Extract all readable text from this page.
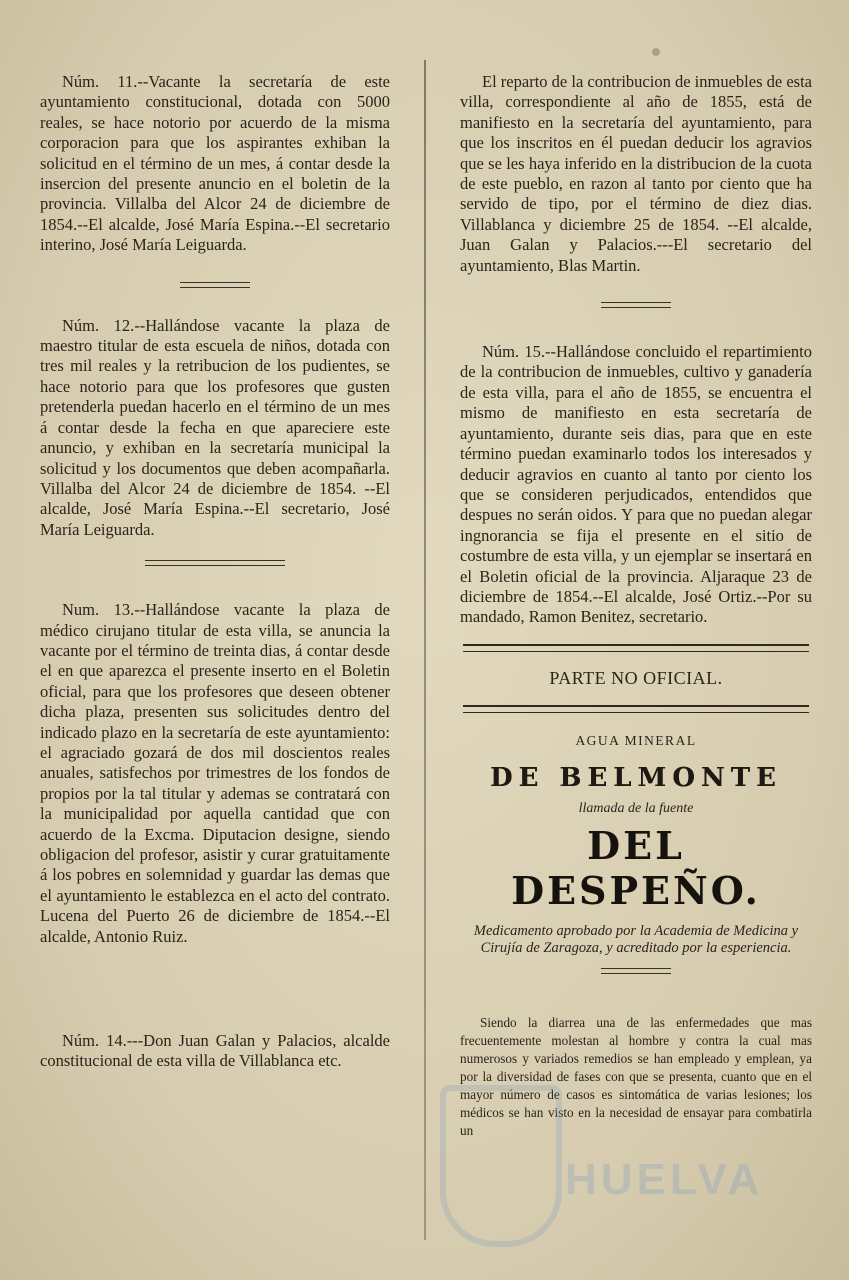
Núm. 11.--Vacante la secretaría de este ayuntamiento constitucional, dotada con 5000 reales, se hace notorio por acuerdo de la misma corporacion para que los aspirantes exhiban la solicitud en el término de un mes, á contar desde la insercion del presente anuncio en el boletin de la provincia. Villalba del Alcor 24 de diciembre de 1854.--El alcalde, José María Espina.--El secretario interino, José María Leiguarda.

Núm. 12.--Hallándose vacante la plaza de maestro titular de esta escuela de niños, dotada con tres mil reales y la retribucion de los pudientes, se hace notorio para que los profesores que gusten pretenderla puedan hacerlo en el término de un mes á contar desde la fecha en que apareciere este anuncio, y exhiban en la secretaría municipal la solicitud y los documentos que deben acompañarla. Villalba del Alcor 24 de diciembre de 1854. --El alcalde, José María Espina.--El secretario, José María Leiguarda.

Num. 13.--Hallándose vacante la plaza de médico cirujano titular de esta villa, se anuncia la vacante por el término de treinta dias, á contar desde el en que aparezca el presente inserto en el Boletin oficial, para que los profesores que deseen obtener dicha plaza, presenten sus solicitudes dentro del indicado plazo en la secretaría de este ayuntamiento: el agraciado gozará de dos mil doscientos reales anuales, satisfechos por trimestres de los fondos de propios por la tal titular y ademas se contratará con la municipalidad por aquella cantidad que con acuerdo de la Excma. Diputacion designe, siendo obligacion del profesor, asistir y curar gratuitamente á los pobres en solemnidad y guardar las demas que el ayuntamiento le establezca en el acto del contrato. Lucena del Puerto 26 de diciembre de 1854.--El alcalde, Antonio Ruiz.

Núm. 14.---Don Juan Galan y Palacios, alcalde constitucional de esta villa de Villablanca etc.

El reparto de la contribucion de inmuebles de esta villa, correspondiente al año de 1855, está de manifiesto en la secretaría del ayuntamiento, para que los inscritos en él puedan deducir los agravios que se les haya inferido en la distribucion de la cuota de este pueblo, en razon al tanto por ciento que ha servido de tipo, por el término de diez dias. Villablanca y diciembre 25 de 1854. --El alcalde, Juan Galan y Palacios.---El secretario del ayuntamiento, Blas Martin.

Núm. 15.--Hallándose concluido el repartimiento de la contribucion de inmuebles, cultivo y ganadería de esta villa, para el año de 1855, se encuentra el mismo de manifiesto en esta secretaría de ayuntamiento, durante seis dias, para que en este término puedan examinarlo todos los interesados y deducir agravios en cuanto al tanto por ciento los que se consideren perjudicados, entendidos que despues no serán oidos. Y para que no puedan alegar ingnorancia se fija el presente en el sitio de costumbre de esta villa, y un ejemplar se insertará en el Boletin oficial de la provincia. Aljaraque 23 de diciembre de 1854.--El alcalde, José Ortiz.--Por su mandado, Ramon Benitez, secretario.

PARTE NO OFICIAL.

AGUA MINERAL

DE BELMONTE

llamada de la fuente

DEL DESPEÑO.

Medicamento aprobado por la Academia de Medicina y Cirujía de Zaragoza, y acreditado por la esperiencia.

Siendo la diarrea una de las enfermedades que mas frecuentemente molestan al hombre y contra la cual mas numerosos y variados remedios se han empleado y emplean, ya por la diversidad de fases con que se presenta, cuanto que en el mayor número de casos es sintomática de varias lesiones; los médicos se han visto en la necesidad de ensayar para combatirla un

HUELVA
